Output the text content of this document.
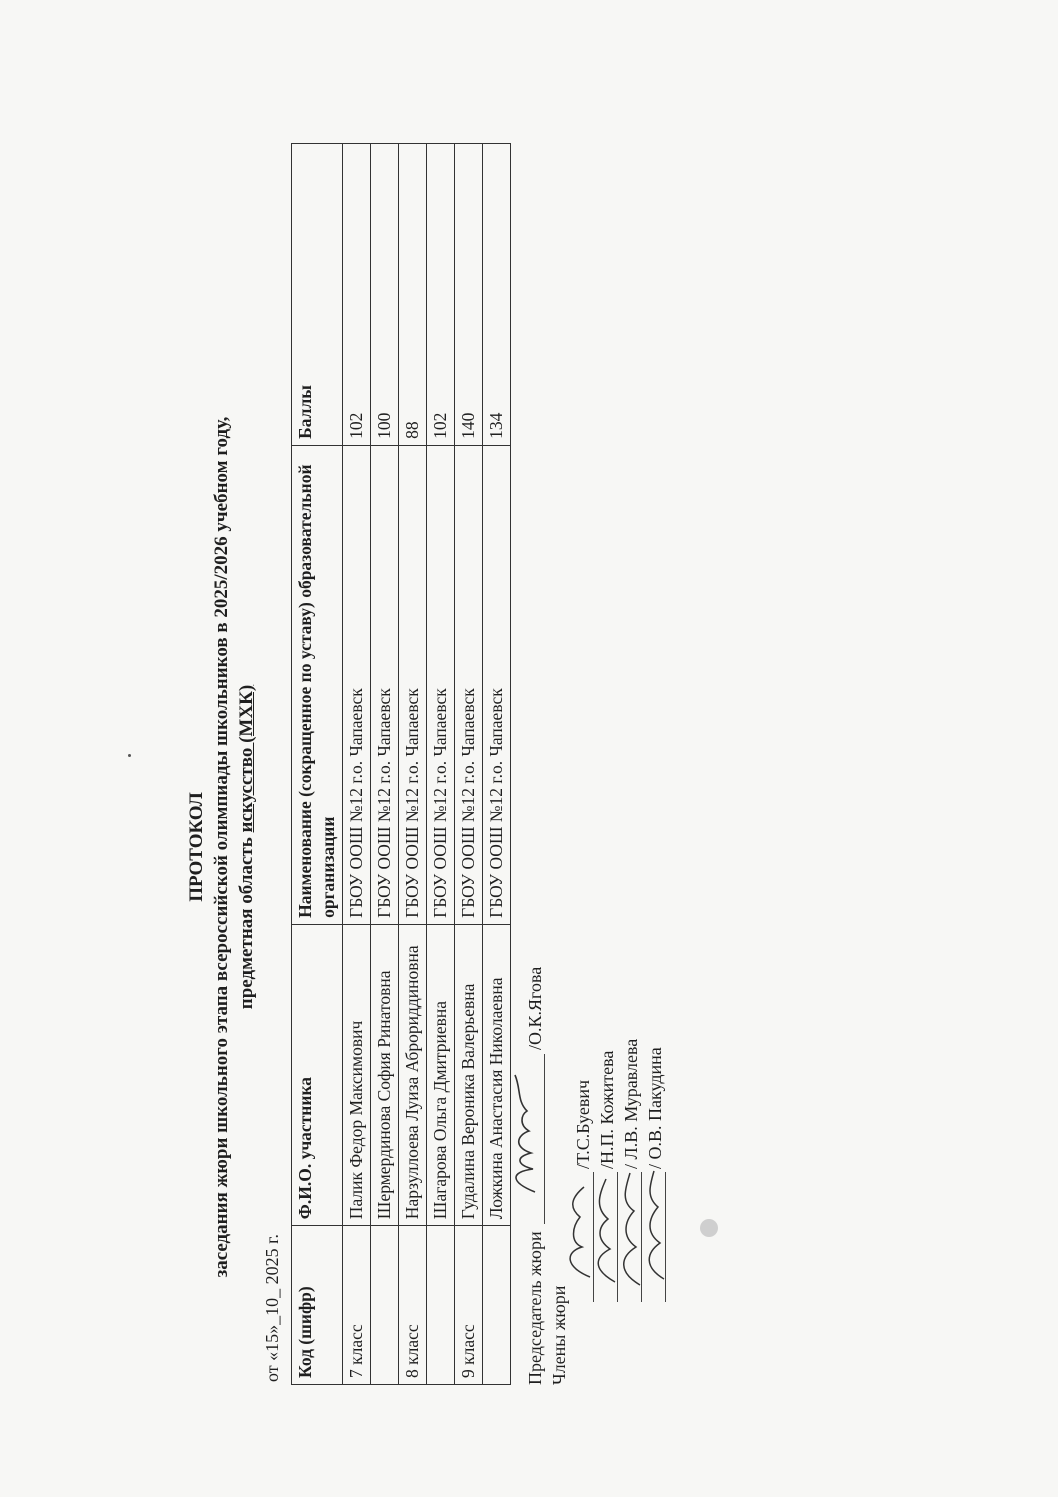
ПРОТОКОЛ заседания жюри школьного этапа всероссийской олимпиады школьников в 2025/2026 учебном году, предметная область искусство (МХК)
от «15»_10_ 2025 г. Код (шифр)	Ф.И.О. участника	Наименование (сокращенное по уставу) образовательной организации	Баллы
7 класс	Палик Федор Максимович	ГБОУ ООШ №12 г.о. Чапаевск	102
	Шермердинова София Ринатовна	ГБОУ ООШ №12 г.о. Чапаевск	100
8 класс	Нарзуллоева Луиза Аброриддиновна	ГБОУ ООШ №12 г.о. Чапаевск	88
	Шагарова Ольга Дмитриевна	ГБОУ ООШ №12 г.о. Чапаевск	102
9 класс	Гудалина Вероника Валерьевна	ГБОУ ООШ №12 г.о. Чапаевск	140
	Ложкина Анастасия Николаевна	ГБОУ ООШ №12 г.о. Чапаевск	134
Председатель жюри
/О.К.Ягова
Члены жюри
/Т.С.Буевич /Н.П. Кожитева / Л.В. Муравлева / О.В. Пакудина
